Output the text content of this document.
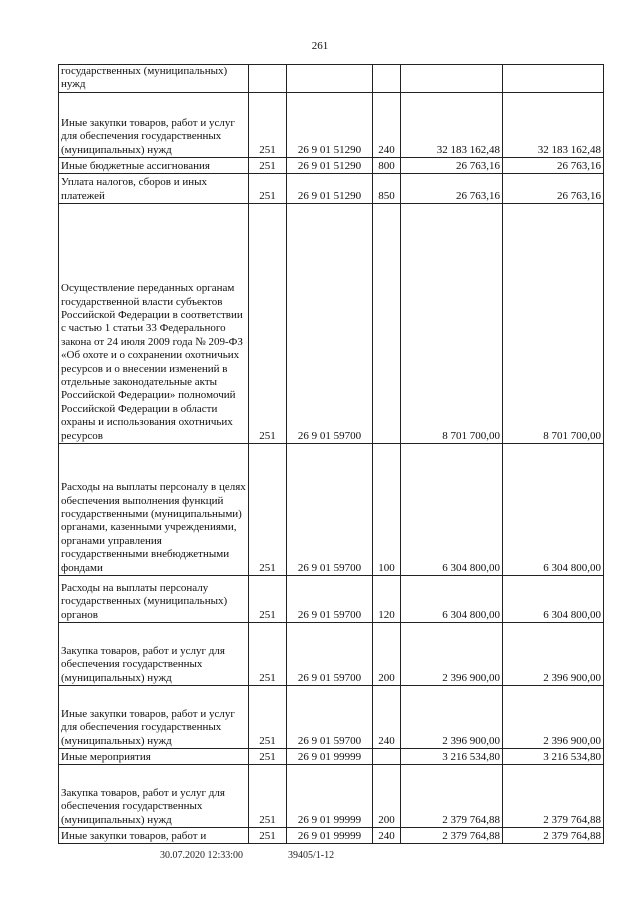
261
государственных (муниципальных) нужд					
Иные закупки товаров, работ и услуг для обеспечения государственных (муниципальных) нужд	251	26 9 01 51290	240	32 183 162,48	32 183 162,48
Иные бюджетные ассигнования	251	26 9 01 51290	800	26 763,16	26 763,16
Уплата налогов, сборов и иных платежей	251	26 9 01 51290	850	26 763,16	26 763,16
Осуществление переданных органам государственной власти субъектов Российской Федерации в соответствии с частью 1 статьи 33 Федерального закона от 24 июля 2009 года № 209-ФЗ «Об охоте и о сохранении охотничьих ресурсов и о внесении изменений в отдельные законодательные акты Российской Федерации» полномочий Российской Федерации в области охраны и использования охотничьих ресурсов	251	26 9 01 59700		8 701 700,00	8 701 700,00
Расходы на выплаты персоналу в целях обеспечения выполнения функций государственными (муниципальными) органами, казенными учреждениями, органами управления государственными внебюджетными фондами	251	26 9 01 59700	100	6 304 800,00	6 304 800,00
Расходы на выплаты персоналу государственных (муниципальных) органов	251	26 9 01 59700	120	6 304 800,00	6 304 800,00
Закупка товаров, работ и услуг для обеспечения государственных (муниципальных) нужд	251	26 9 01 59700	200	2 396 900,00	2 396 900,00
Иные закупки товаров, работ и услуг для обеспечения государственных (муниципальных) нужд	251	26 9 01 59700	240	2 396 900,00	2 396 900,00
Иные мероприятия	251	26 9 01 99999		3 216 534,80	3 216 534,80
Закупка товаров, работ и услуг для обеспечения государственных (муниципальных) нужд	251	26 9 01 99999	200	2 379 764,88	2 379 764,88
Иные закупки товаров, работ и	251	26 9 01 99999	240	2 379 764,88	2 379 764,88
30.07.2020 12:33:00	39405/1-12
